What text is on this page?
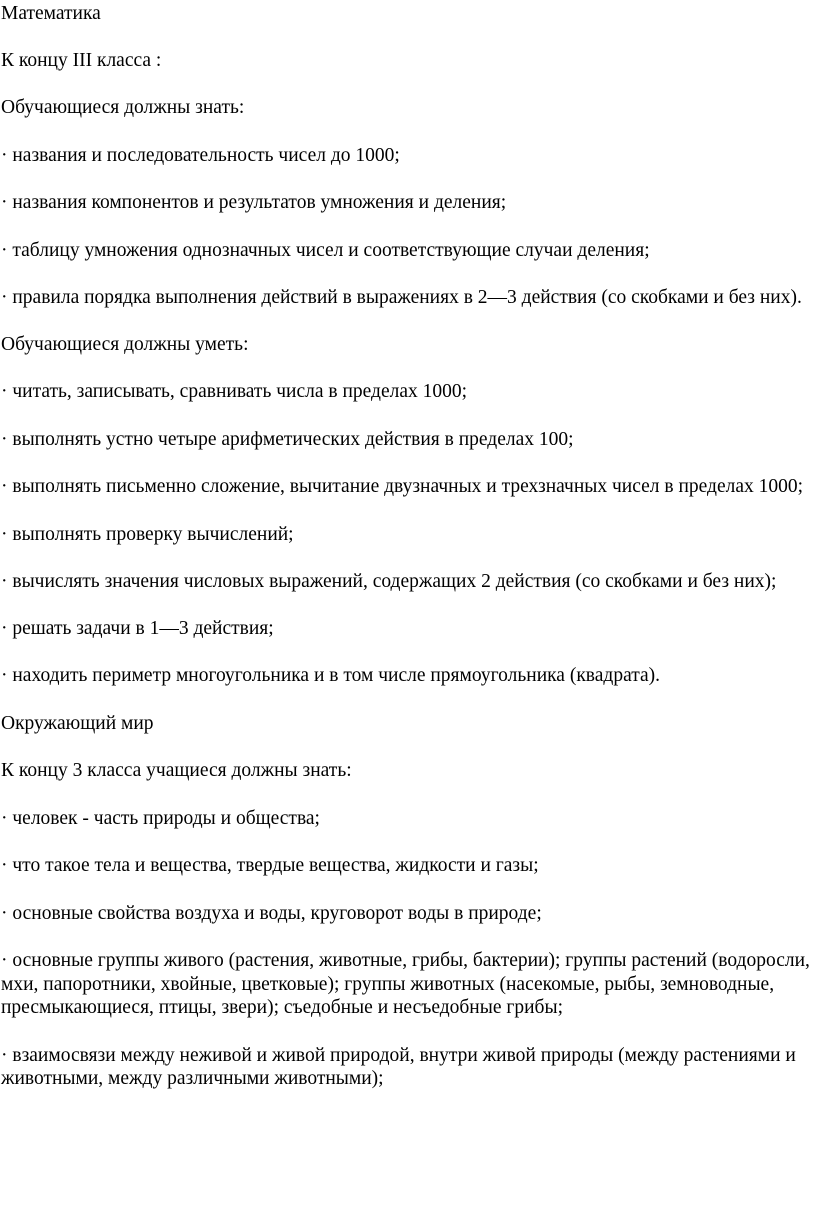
Математика

К концу III класса :

Обучающиеся должны знать:

· названия и последовательность чисел до 1000;

· названия компонентов и результатов умножения и деления;

· таблицу умножения однозначных чисел и соответствующие случаи деления;

· правила порядка выполнения действий в выражениях в 2—3 действия (со скобками и без них).

Обучающиеся должны уметь:

· читать, записывать, сравнивать числа в пределах 1000;

· выполнять устно четыре арифметических действия в пределах 100;

· выполнять письменно сложение, вычитание двузначных и трехзначных чисел в пределах 1000;

· выполнять проверку вычислений;

· вычислять значения числовых выражений, содержащих 2 действия (со скобками и без них);

· решать задачи в 1—3 действия;

· находить периметр многоугольника и в том числе прямоугольника (квадрата).

Окружающий мир

К концу 3 класса учащиеся должны знать:

· человек - часть природы и общества;

· что такое тела и вещества, твердые вещества, жидкости и газы;

· основные свойства воздуха и воды, круговорот воды в природе;

· основные группы живого (растения, животные, грибы, бактерии); группы растений (водоросли, мхи, папоротники, хвойные, цветковые); группы животных (насекомые, рыбы, земноводные, пресмыкающиеся, птицы, звери); съедобные и несъедобные грибы;

· взаимосвязи между неживой и живой природой, внутри живой природы (между растениями и животными, между различными животными);
